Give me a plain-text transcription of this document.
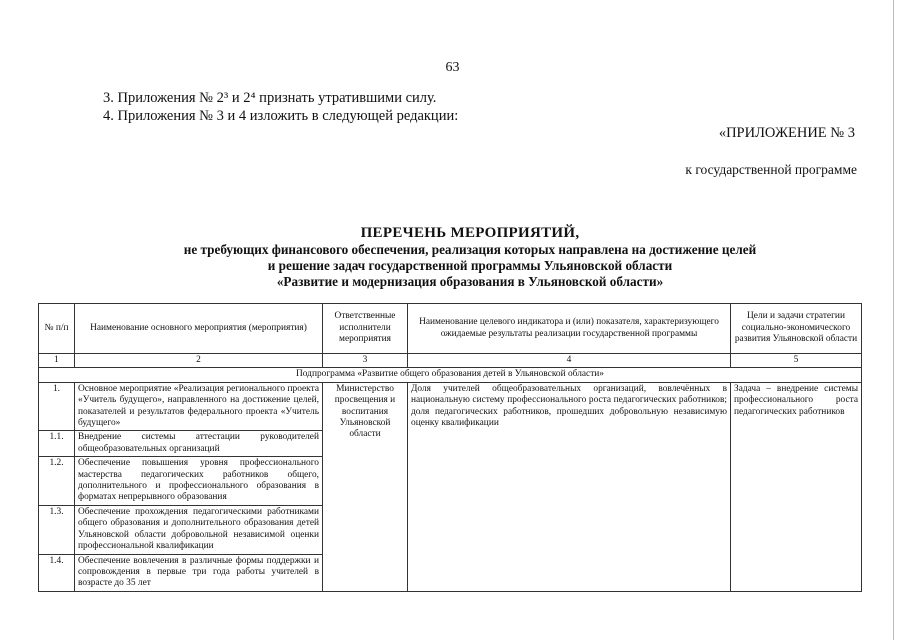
63
3. Приложения № 2³ и 2⁴ признать утратившими силу.
4. Приложения № 3 и 4 изложить в следующей редакции:
«ПРИЛОЖЕНИЕ № 3
к государственной программе
ПЕРЕЧЕНЬ МЕРОПРИЯТИЙ,
не требующих финансового обеспечения, реализация которых направлена на достижение целей
и решение задач государственной программы Ульяновской области
«Развитие и модернизация образования в Ульяновской области»
№ п/п	Наименование основного мероприятия (мероприятия)	Ответственные исполнители мероприятия	Наименование целевого индикатора и (или) показателя, характеризующего ожидаемые результаты реализации государственной программы	Цели и задачи стратегии социально-экономического развития Ульяновской области
1	2	3	4	5
Подпрограмма «Развитие общего образования детей в Ульяновской области»				
1.	Основное мероприятие «Реализация регионального проекта «Учитель будущего», направленного на достижение целей, показателей и результатов федерального проекта «Учитель будущего»	Министерство просвещения и воспитания Ульяновской области	Доля учителей общеобразовательных организаций, вовлечённых в национальную систему профессионального роста педагогических работников; доля педагогических работников, прошедших добровольную независимую оценку квалификации	Задача – внедрение системы профессионального роста педагогических работников
1.1.	Внедрение системы аттестации руководителей общеобразовательных организаций			
1.2.	Обеспечение повышения уровня профессионального мастерства педагогических работников общего, дополнительного и профессионального образования в форматах непрерывного образования			
1.3.	Обеспечение прохождения педагогическими работниками общего образования и дополнительного образования детей Ульяновской области добровольной независимой оценки профессиональной квалификации			
1.4.	Обеспечение вовлечения в различные формы поддержки и сопровождения в первые три года работы учителей в возрасте до 35 лет			
